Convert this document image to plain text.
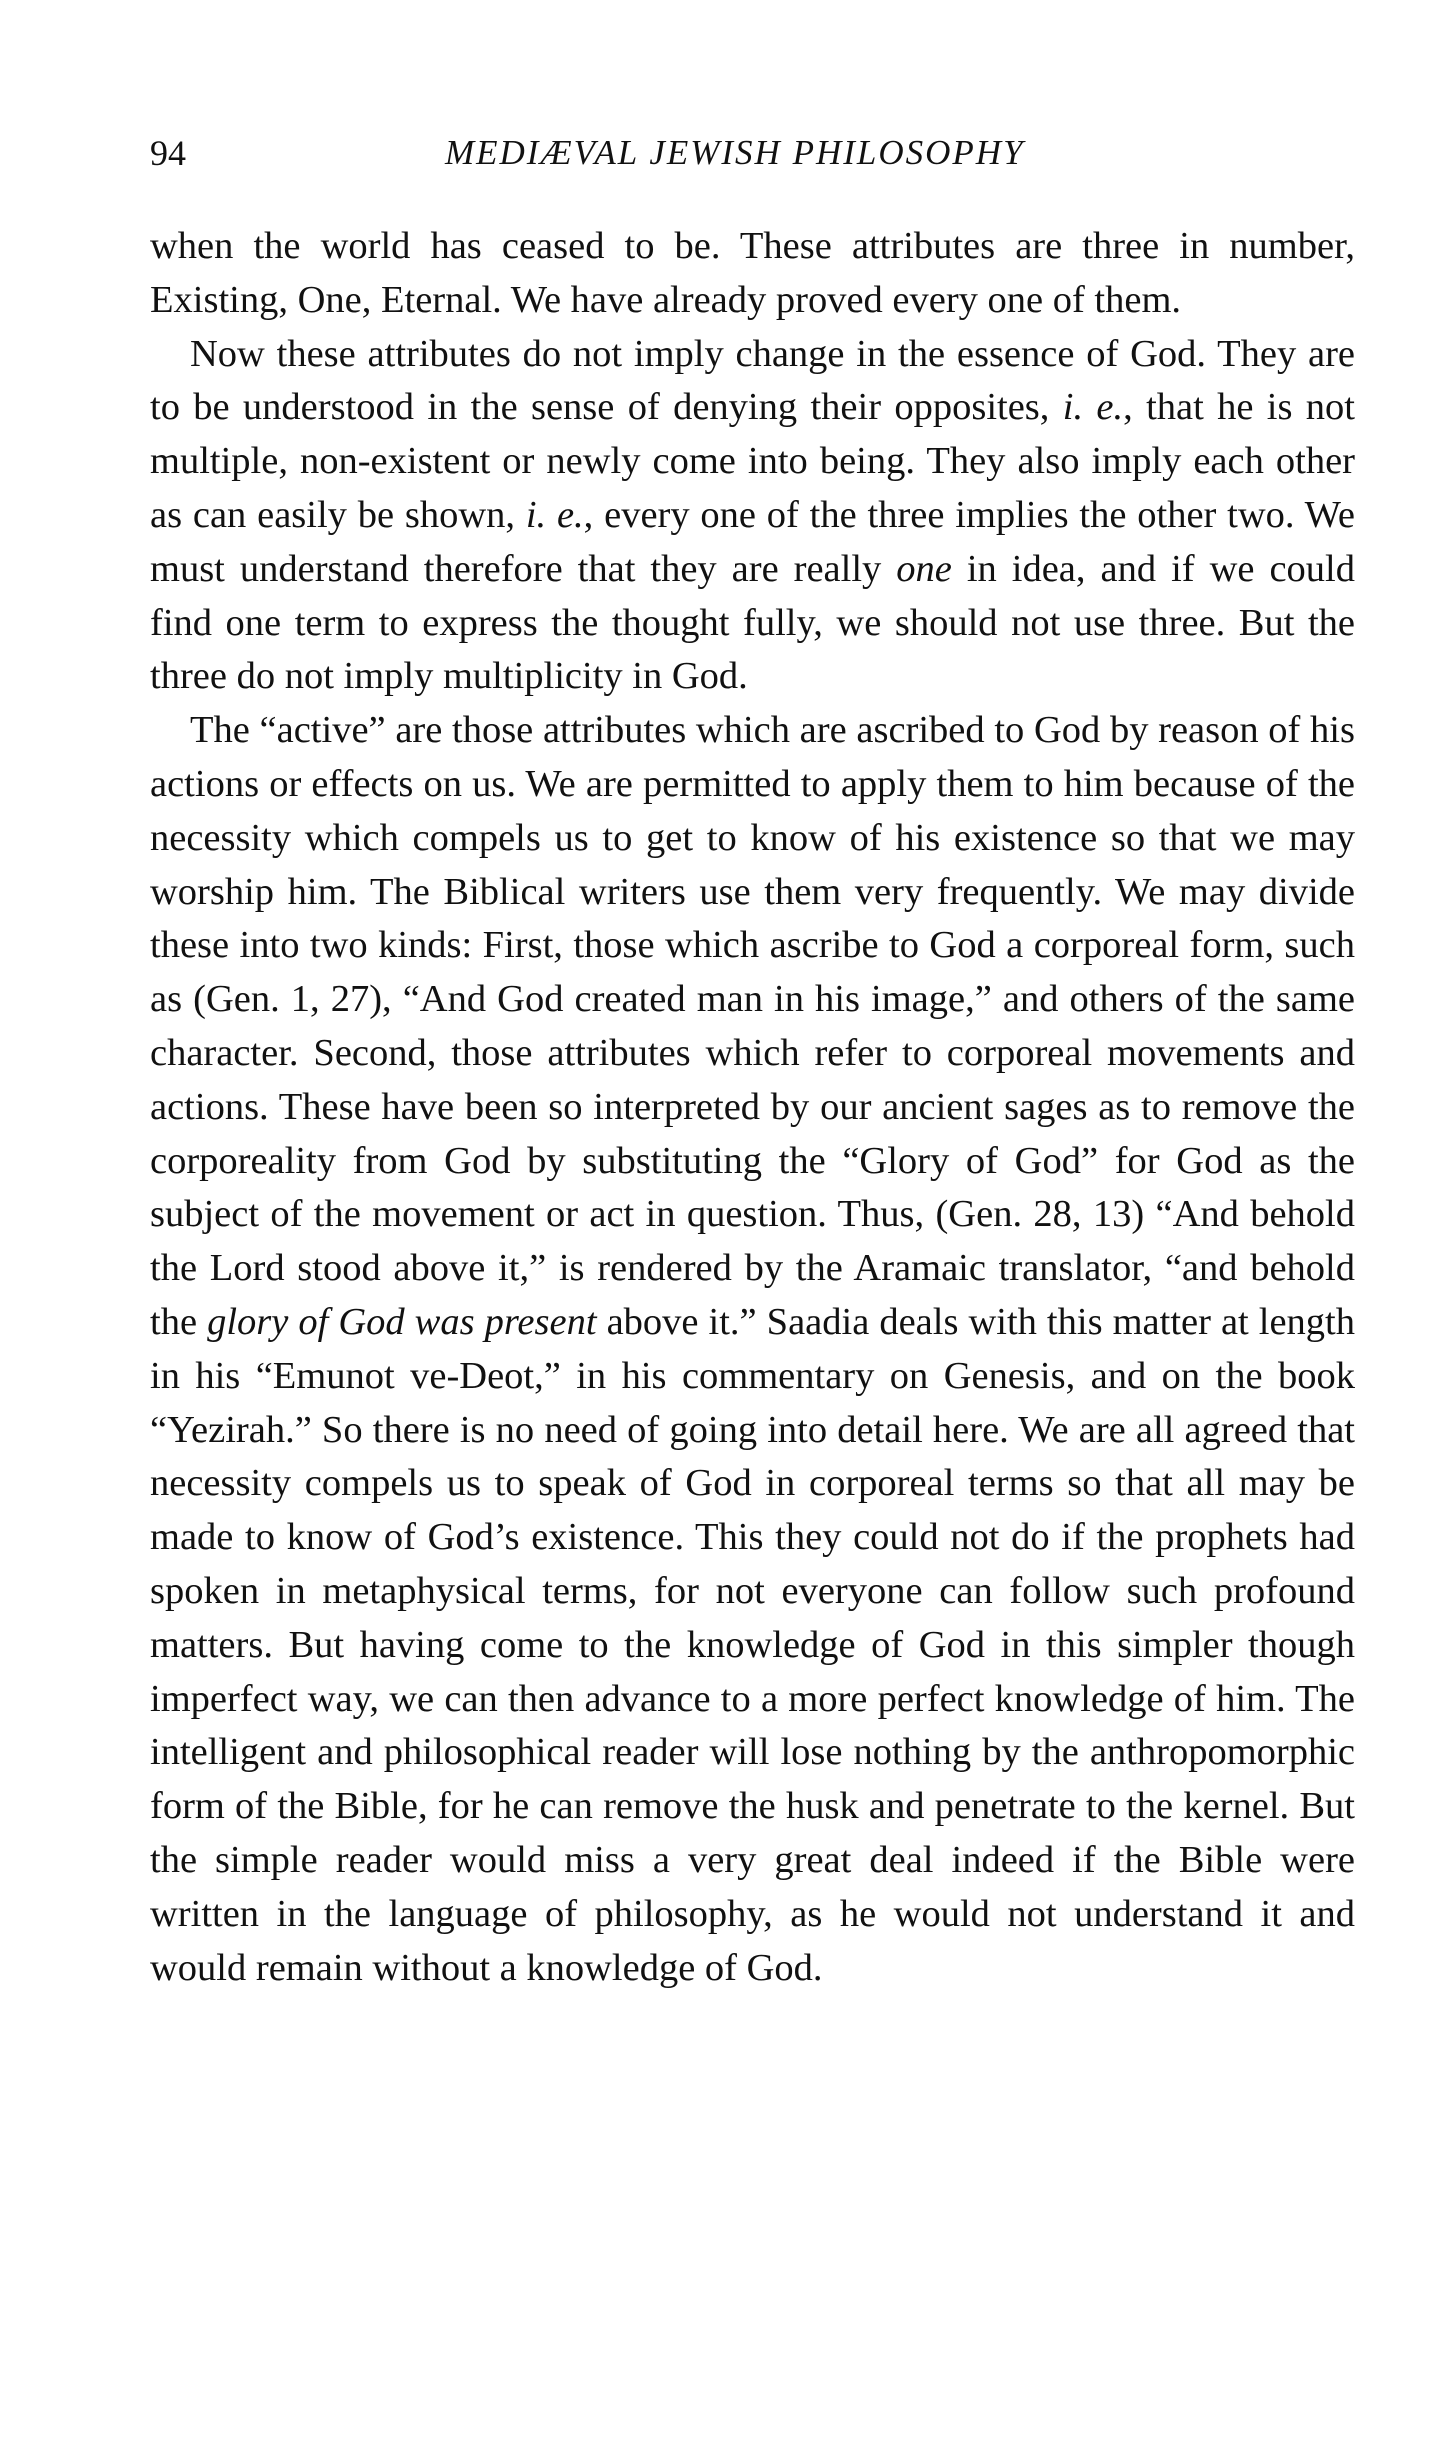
94	MEDIÆVAL JEWISH PHILOSOPHY

when the world has ceased to be. These attributes are three in number, Existing, One, Eternal. We have already proved every one of them.

Now these attributes do not imply change in the essence of God. They are to be understood in the sense of denying their opposites, i. e., that he is not multiple, non-existent or newly come into being. They also imply each other as can easily be shown, i. e., every one of the three implies the other two. We must understand therefore that they are really one in idea, and if we could find one term to express the thought fully, we should not use three. But the three do not imply multiplicity in God.

The “active” are those attributes which are ascribed to God by reason of his actions or effects on us. We are permitted to apply them to him because of the necessity which compels us to get to know of his existence so that we may worship him. The Biblical writers use them very frequently. We may divide these into two kinds: First, those which ascribe to God a corporeal form, such as (Gen. 1, 27), “And God created man in his image,” and others of the same character. Second, those attributes which refer to corporeal movements and actions. These have been so interpreted by our ancient sages as to remove the corporeality from God by substituting the “Glory of God” for God as the subject of the movement or act in question. Thus, (Gen. 28, 13) “And behold the Lord stood above it,” is rendered by the Aramaic translator, “and behold the glory of God was present above it.” Saadia deals with this matter at length in his “Emunot ve-Deot,” in his commentary on Genesis, and on the book “Yezirah.” So there is no need of going into detail here. We are all agreed that necessity compels us to speak of God in corporeal terms so that all may be made to know of God’s existence. This they could not do if the prophets had spoken in metaphysical terms, for not everyone can follow such profound matters. But having come to the knowledge of God in this simpler though imperfect way, we can then advance to a more perfect knowledge of him. The intelligent and philosophical reader will lose nothing by the anthropomorphic form of the Bible, for he can remove the husk and penetrate to the kernel. But the simple reader would miss a very great deal indeed if the Bible were written in the language of philosophy, as he would not understand it and would remain without a knowledge of God.
